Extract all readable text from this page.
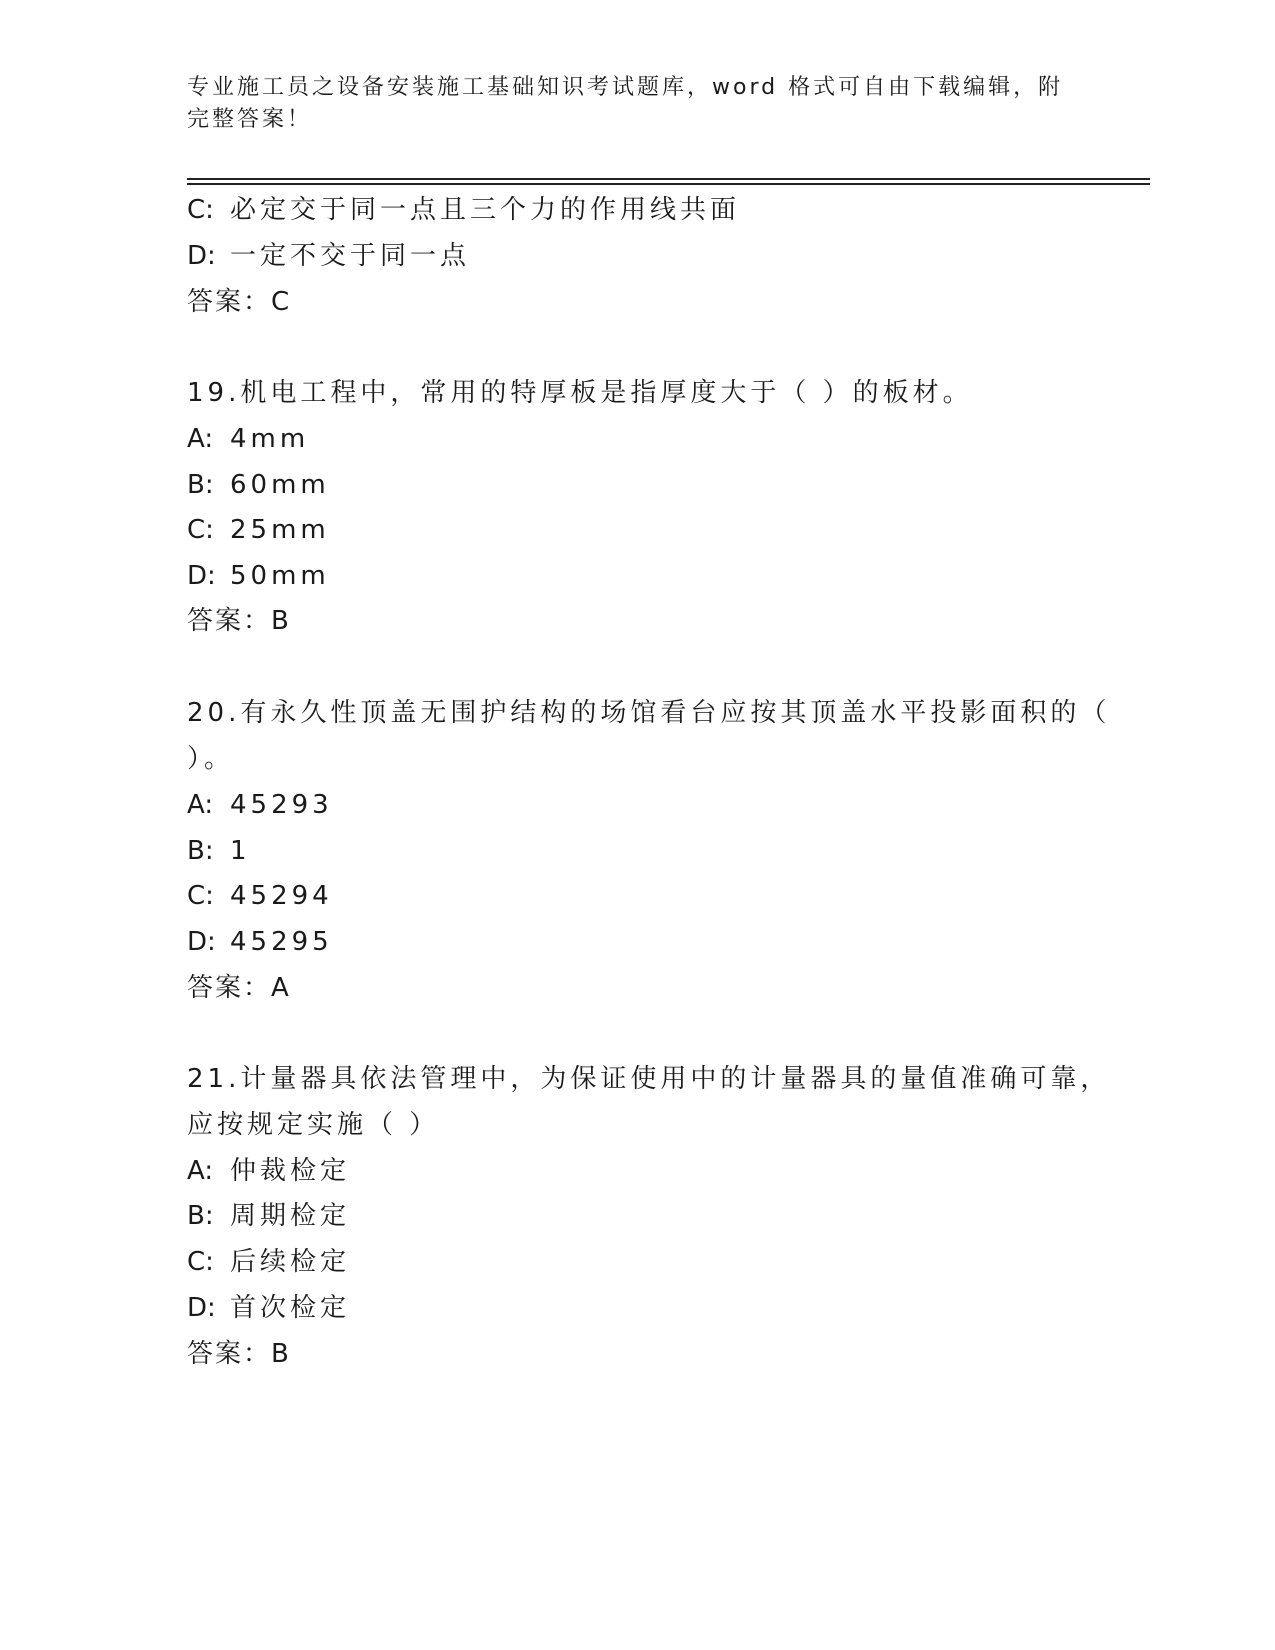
专业施工员之设备安装施工基础知识考试题库，word 格式可自由下载编辑，附完整答案！

C: 必定交于同一点且三个力的作用线共面

D: 一定不交于同一点

答案：C

19.机电工程中，常用的特厚板是指厚度大于（ ）的板材。

A: 4mm

B: 60mm

C: 25mm

D: 50mm

答案：B

20.有永久性顶盖无围护结构的场馆看台应按其顶盖水平投影面积的（

）。

A: 45293

B: 1

C: 45294

D: 45295

答案：A

21.计量器具依法管理中，为保证使用中的计量器具的量值准确可靠，

应按规定实施（ ）

A: 仲裁检定

B: 周期检定

C: 后续检定

D: 首次检定

答案：B
